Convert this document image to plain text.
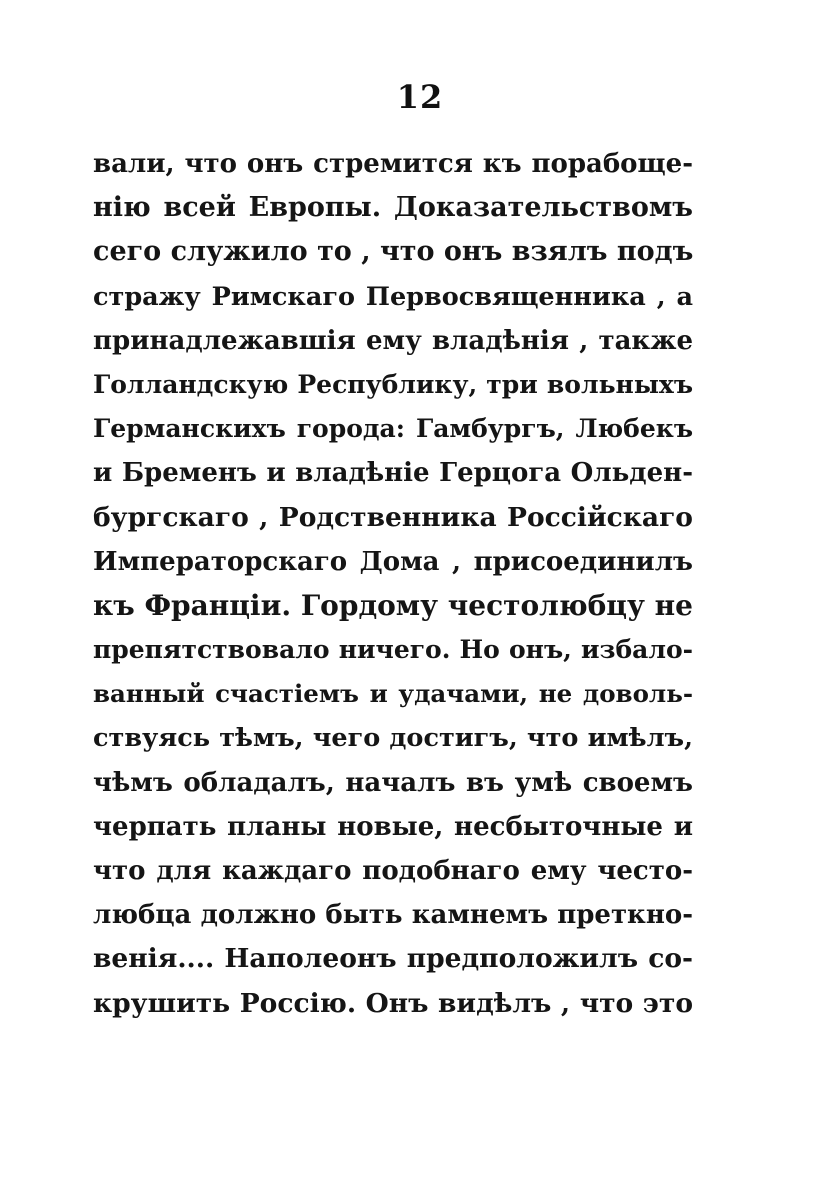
12
вали, что онъ стремится къ порабоще-
нію всей Европы. Доказательствомъ
сего служило то , что онъ взялъ подъ
стражу Римскаго Первосвященника , а
принадлежавшія ему владѣнія , также
Голландскую Республику, три вольныхъ
Германскихъ города: Гамбургъ, Любекъ
и Бременъ и владѣніе Герцога Ольден-
бургскаго , Родственника Россійскаго
Императорскаго Дома , присоединилъ
къ Франціи. Гордому честолюбцу не
препятствовало ничего. Но онъ, избало-
ванный счастіемъ и удачами, не доволь-
ствуясь тѣмъ, чего достигъ, что имѣлъ,
чѣмъ обладалъ, началъ въ умѣ своемъ
черпать планы новые, несбыточные и
что для каждаго подобнаго ему често-
любца должно быть камнемъ преткно-
венія.... Наполеонъ предположилъ со-
крушить Россію. Онъ видѣлъ , что это
